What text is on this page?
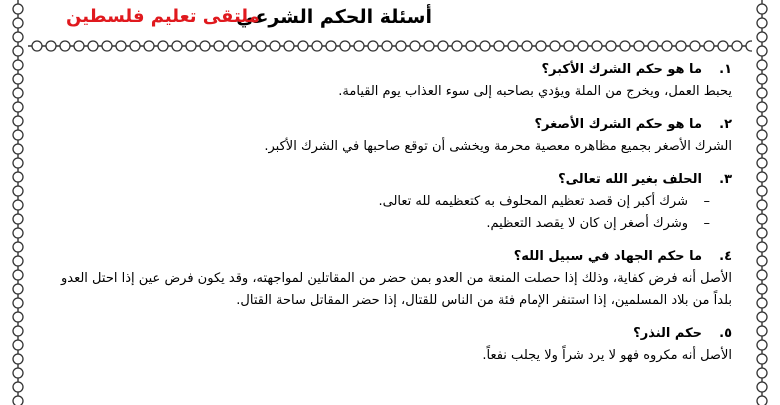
أسئلة الحكم الشرعي
ملتقى تعليم فلسطين
١.
ما هو حكم الشرك الأكبر؟
يحبط العمل، ويخرج من الملة ويؤدي بصاحبه إلى سوء العذاب يوم القيامة.
٢.
ما هو حكم الشرك الأصغر؟
الشرك الأصغر بجميع مظاهره معصية محرمة ويخشى أن توقع صاحبها في الشرك الأكبر.
٣.
الحلف بغير الله تعالى؟
–
شرك أكبر إن قصد تعظيم المحلوف به كتعظيمه لله تعالى.
–
وشرك أصغر إن كان لا يقصد التعظيم.
٤.
ما حكم الجهاد في سبيل الله؟
الأصل أنه فرض كفاية، وذلك إذا حصلت المنعة من العدو بمن حضر من المقاتلين لمواجهته، وقد يكون فرض عين إذا احتل العدو
بلداً من بلاد المسلمين، إذا استنفر الإمام فئة من الناس للقتال، إذا حضر المقاتل ساحة القتال.
٥.
حكم النذر؟
الأصل أنه مكروه فهو لا يرد شراً ولا يجلب نفعاً.
